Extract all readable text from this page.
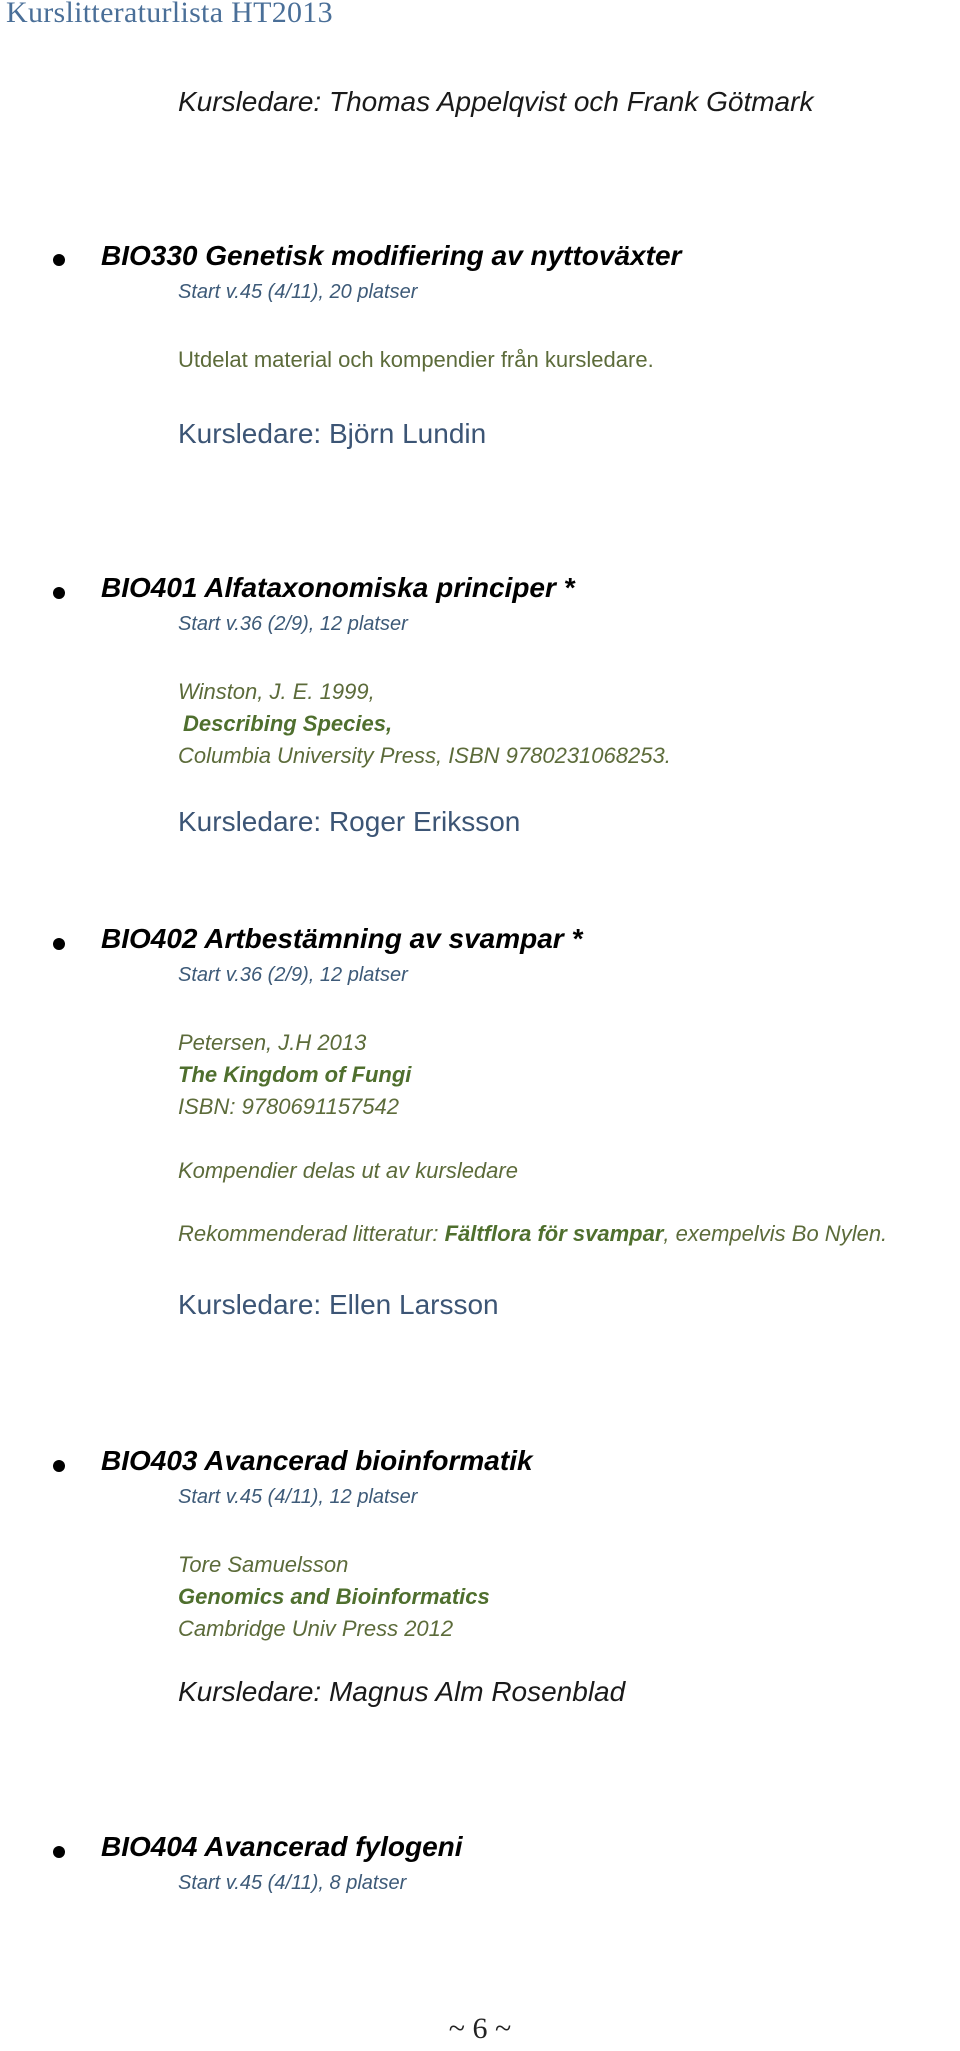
Kurslitteraturlista HT2013
Kursledare: Thomas Appelqvist och Frank Götmark
BIO330 Genetisk modifiering av nyttoväxter
Start v.45 (4/11), 20 platser
Utdelat material och kompendier från kursledare.
Kursledare: Björn Lundin
BIO401 Alfataxonomiska principer *
Start v.36 (2/9), 12 platser
Winston, J. E. 1999,
Describing Species,
Columbia University Press, ISBN 9780231068253.
Kursledare: Roger Eriksson
BIO402 Artbestämning av svampar *
Start v.36 (2/9), 12 platser
Petersen, J.H 2013
The Kingdom of Fungi
ISBN: 9780691157542
Kompendier delas ut av kursledare
Rekommenderad litteratur: Fältflora för svampar, exempelvis Bo Nylen.
Kursledare: Ellen Larsson
BIO403 Avancerad bioinformatik
Start v.45 (4/11), 12 platser
Tore Samuelsson
Genomics and Bioinformatics
Cambridge Univ Press 2012
Kursledare: Magnus Alm Rosenblad
BIO404 Avancerad fylogeni
Start v.45 (4/11), 8 platser
~ 6 ~
